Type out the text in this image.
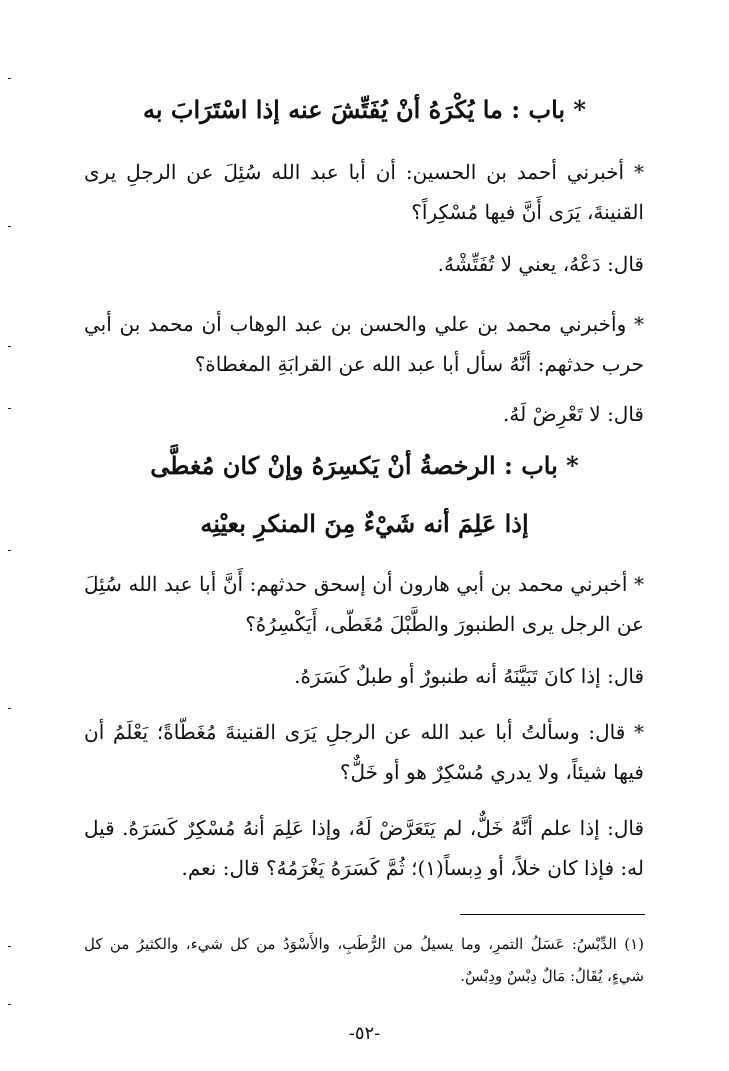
* باب : ما يُكْرَهُ أنْ يُفَتِّشَ عنه إذا اسْتَرَابَ به
* أخبرني أحمد بن الحسين: أن أبا عبد الله سُئِلَ عن الرجلِ يرى القنينةَ، يَرَى أَنَّ فيها مُسْكِراً؟
قال: دَعْهُ، يعني لا تُفَتِّشْهُ.
* وأخبرني محمد بن علي والحسن بن عبد الوهاب أن محمد بن أبي حرب حدثهم: أنَّهُ سأل أبا عبد الله عن القرابَةِ المغطاة؟
قال: لا تَعْرِضْ لَهُ.
* باب : الرخصةُ أنْ يَكسِرَهُ وإنْ كان مُغطَّى
إذا عَلِمَ أنه شَيْءٌ مِنَ المنكرِ بعيْنِه
* أخبرني محمد بن أبي هارون أن إسحق حدثهم: أَنَّ أبا عبد الله سُئِلَ عن الرجل يرى الطنبورَ والطَّبْلَ مُغَطّى، أَيَكْسِرُهُ؟
قال: إذا كانَ تَبَيَّنَهُ أنه طنبورٌ أو طبلٌ كَسَرَهُ.
* قال: وسألتُ أبا عبد الله عن الرجلِ يَرَى القنينةَ مُغَطّاةً؛ يَعْلَمُ أن فيها شيئاً، ولا يدري مُسْكِرٌ هو أو خَلٌّ؟
قال: إذا علم أنَّهُ خَلٌّ، لم يَتَعَرَّضْ لَهُ، وإذا عَلِمَ أنهُ مُسْكِرٌ كَسَرَهُ. قيل له: فإذا كان خلاً، أو دِبساً(١)؛ ثُمَّ كَسَرَهُ يَغْرَمُهُ؟ قال: نعم.
(١) الدِّبْسُ: عَسَلُ التمرِ، وما يسيلُ من الرُّطَبِ، والأَسْوَدُ من كل شيء، والكثيرُ من كل شيءٍ، يُقَالُ: مَالٌ دِبْسٌ ودِبْسٌ.
-٥٢-
